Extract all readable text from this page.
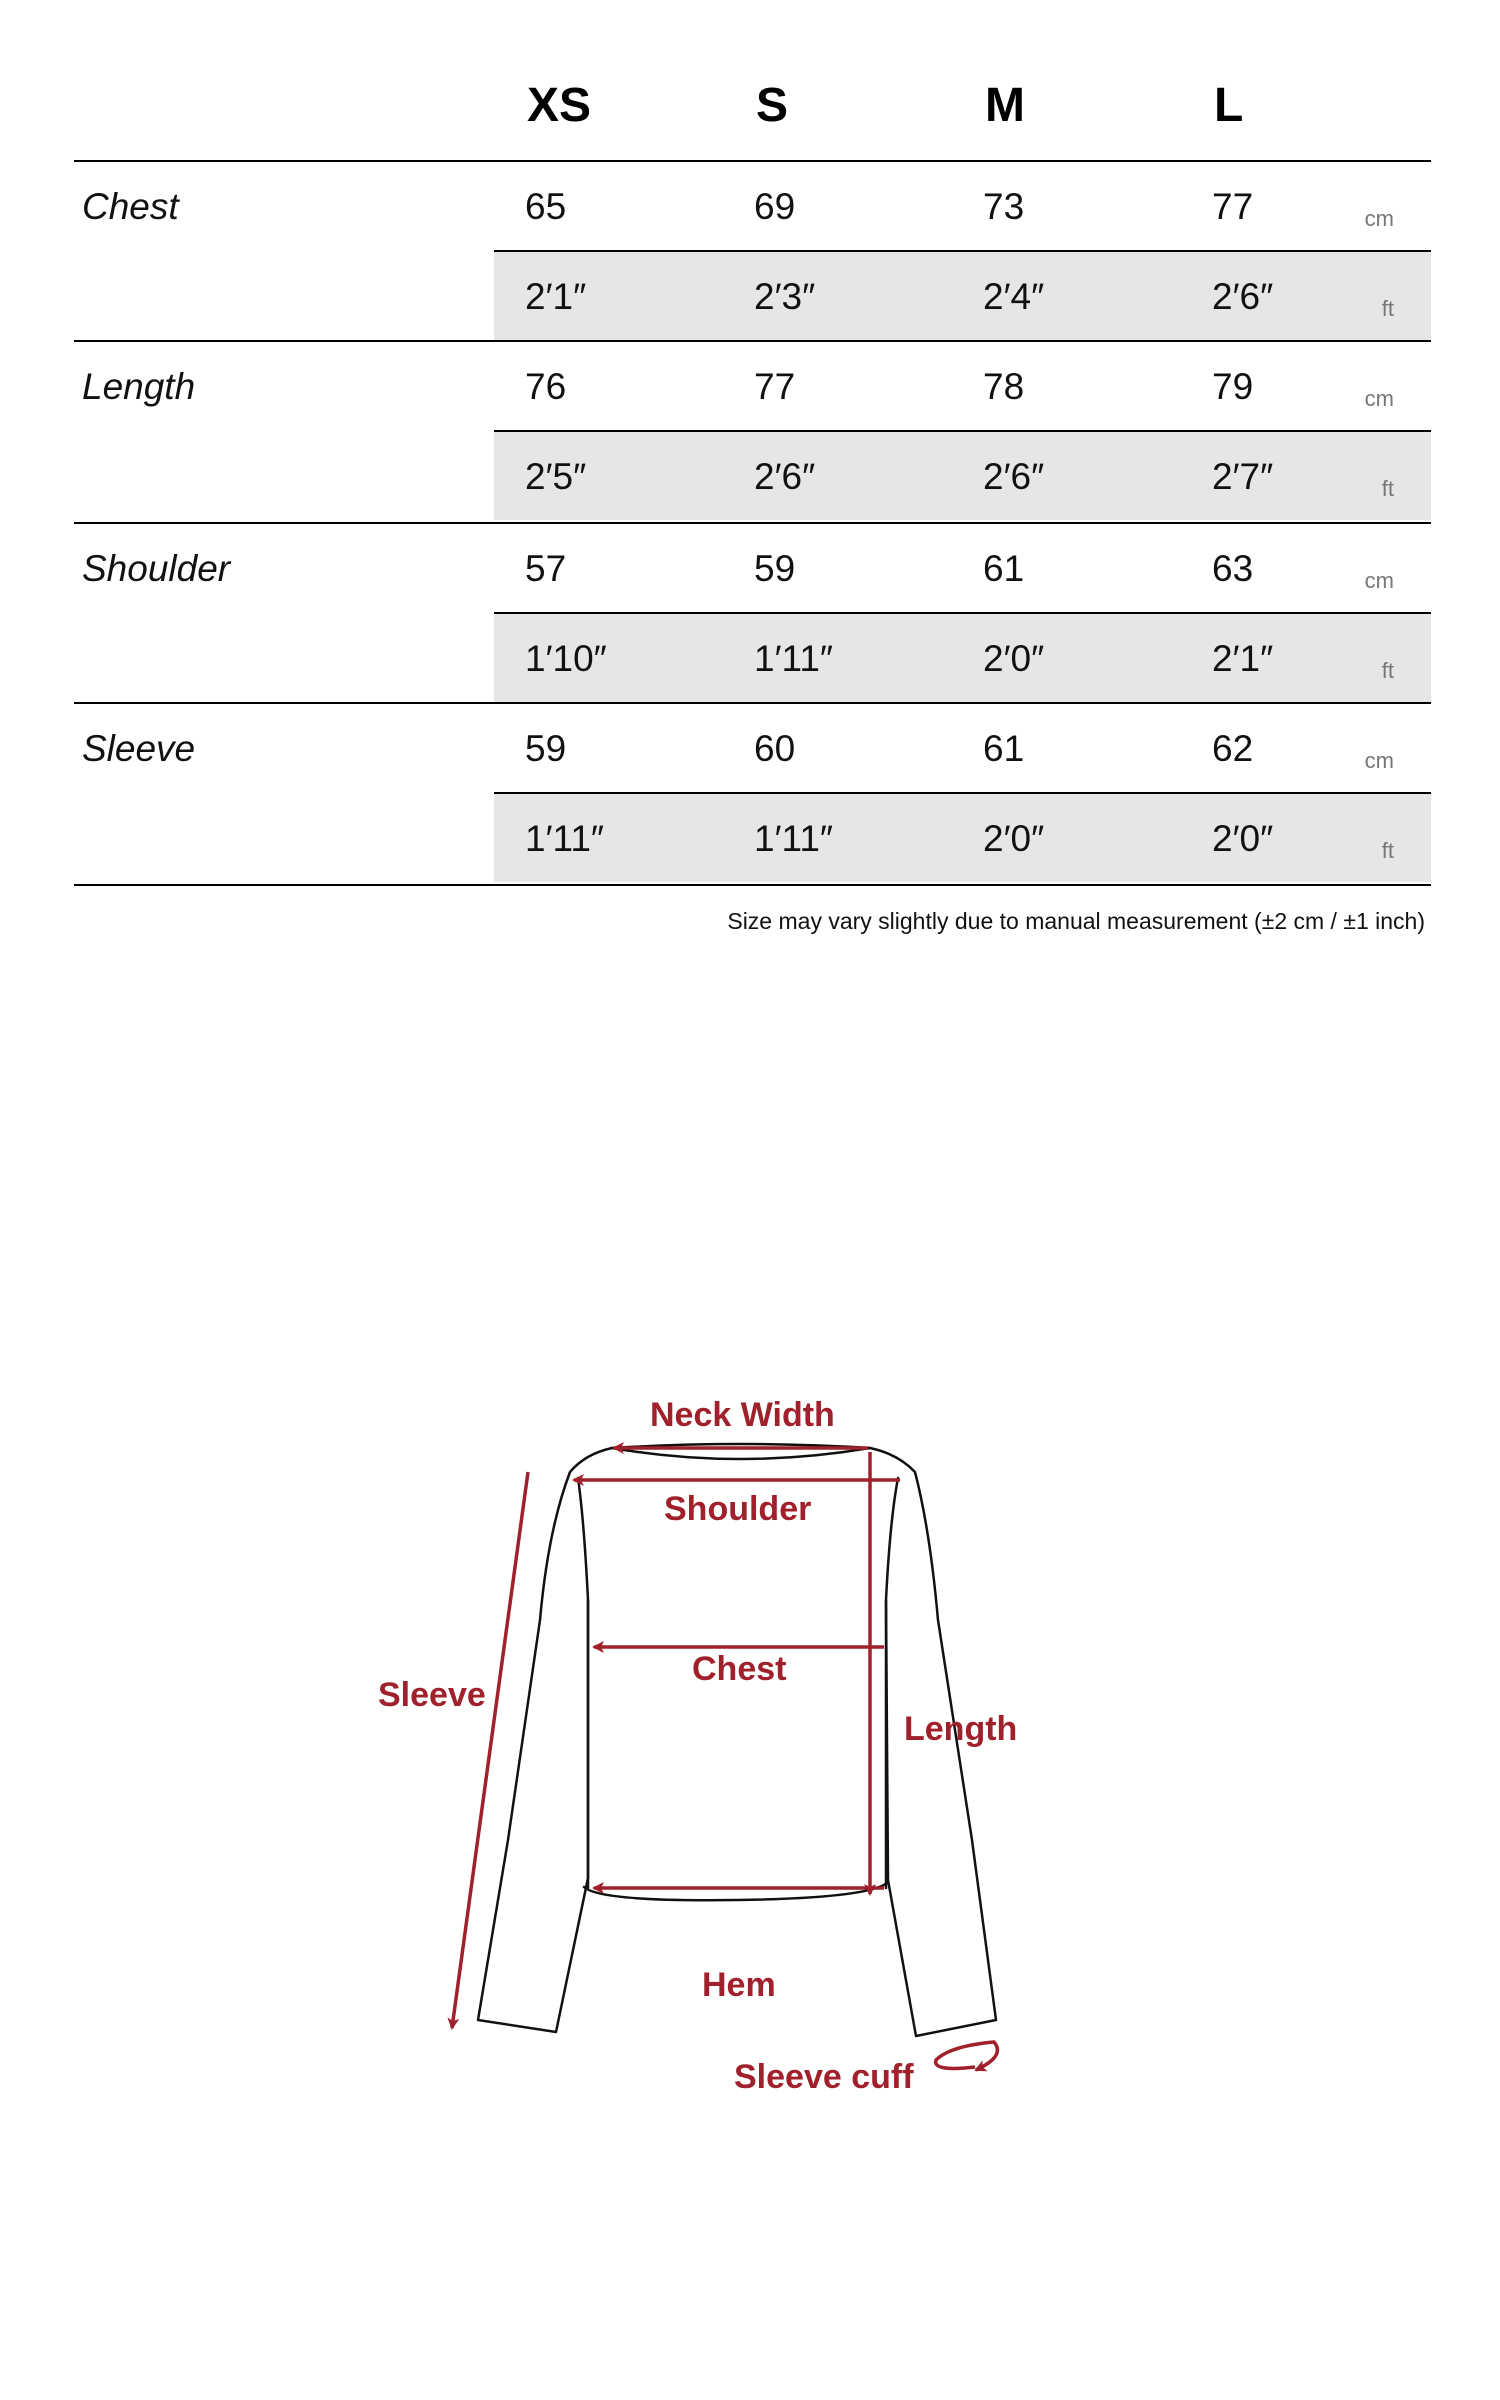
XS	S	M	L
Chest	65	69	73	77	cm
2′1″	2′3″	2′4″	2′6″	ft
Length	76	77	78	79	cm
2′5″	2′6″	2′6″	2′7″	ft
Shoulder	57	59	61	63	cm
1′10″	1′11″	2′0″	2′1″	ft
Sleeve	59	60	61	62	cm
1′11″	1′11″	2′0″	2′0″	ft
Size may vary slightly due to manual measurement (±2 cm / ±1 inch)
Neck Width
Shoulder
Chest
Length
Sleeve
Hem
Sleeve cuff
